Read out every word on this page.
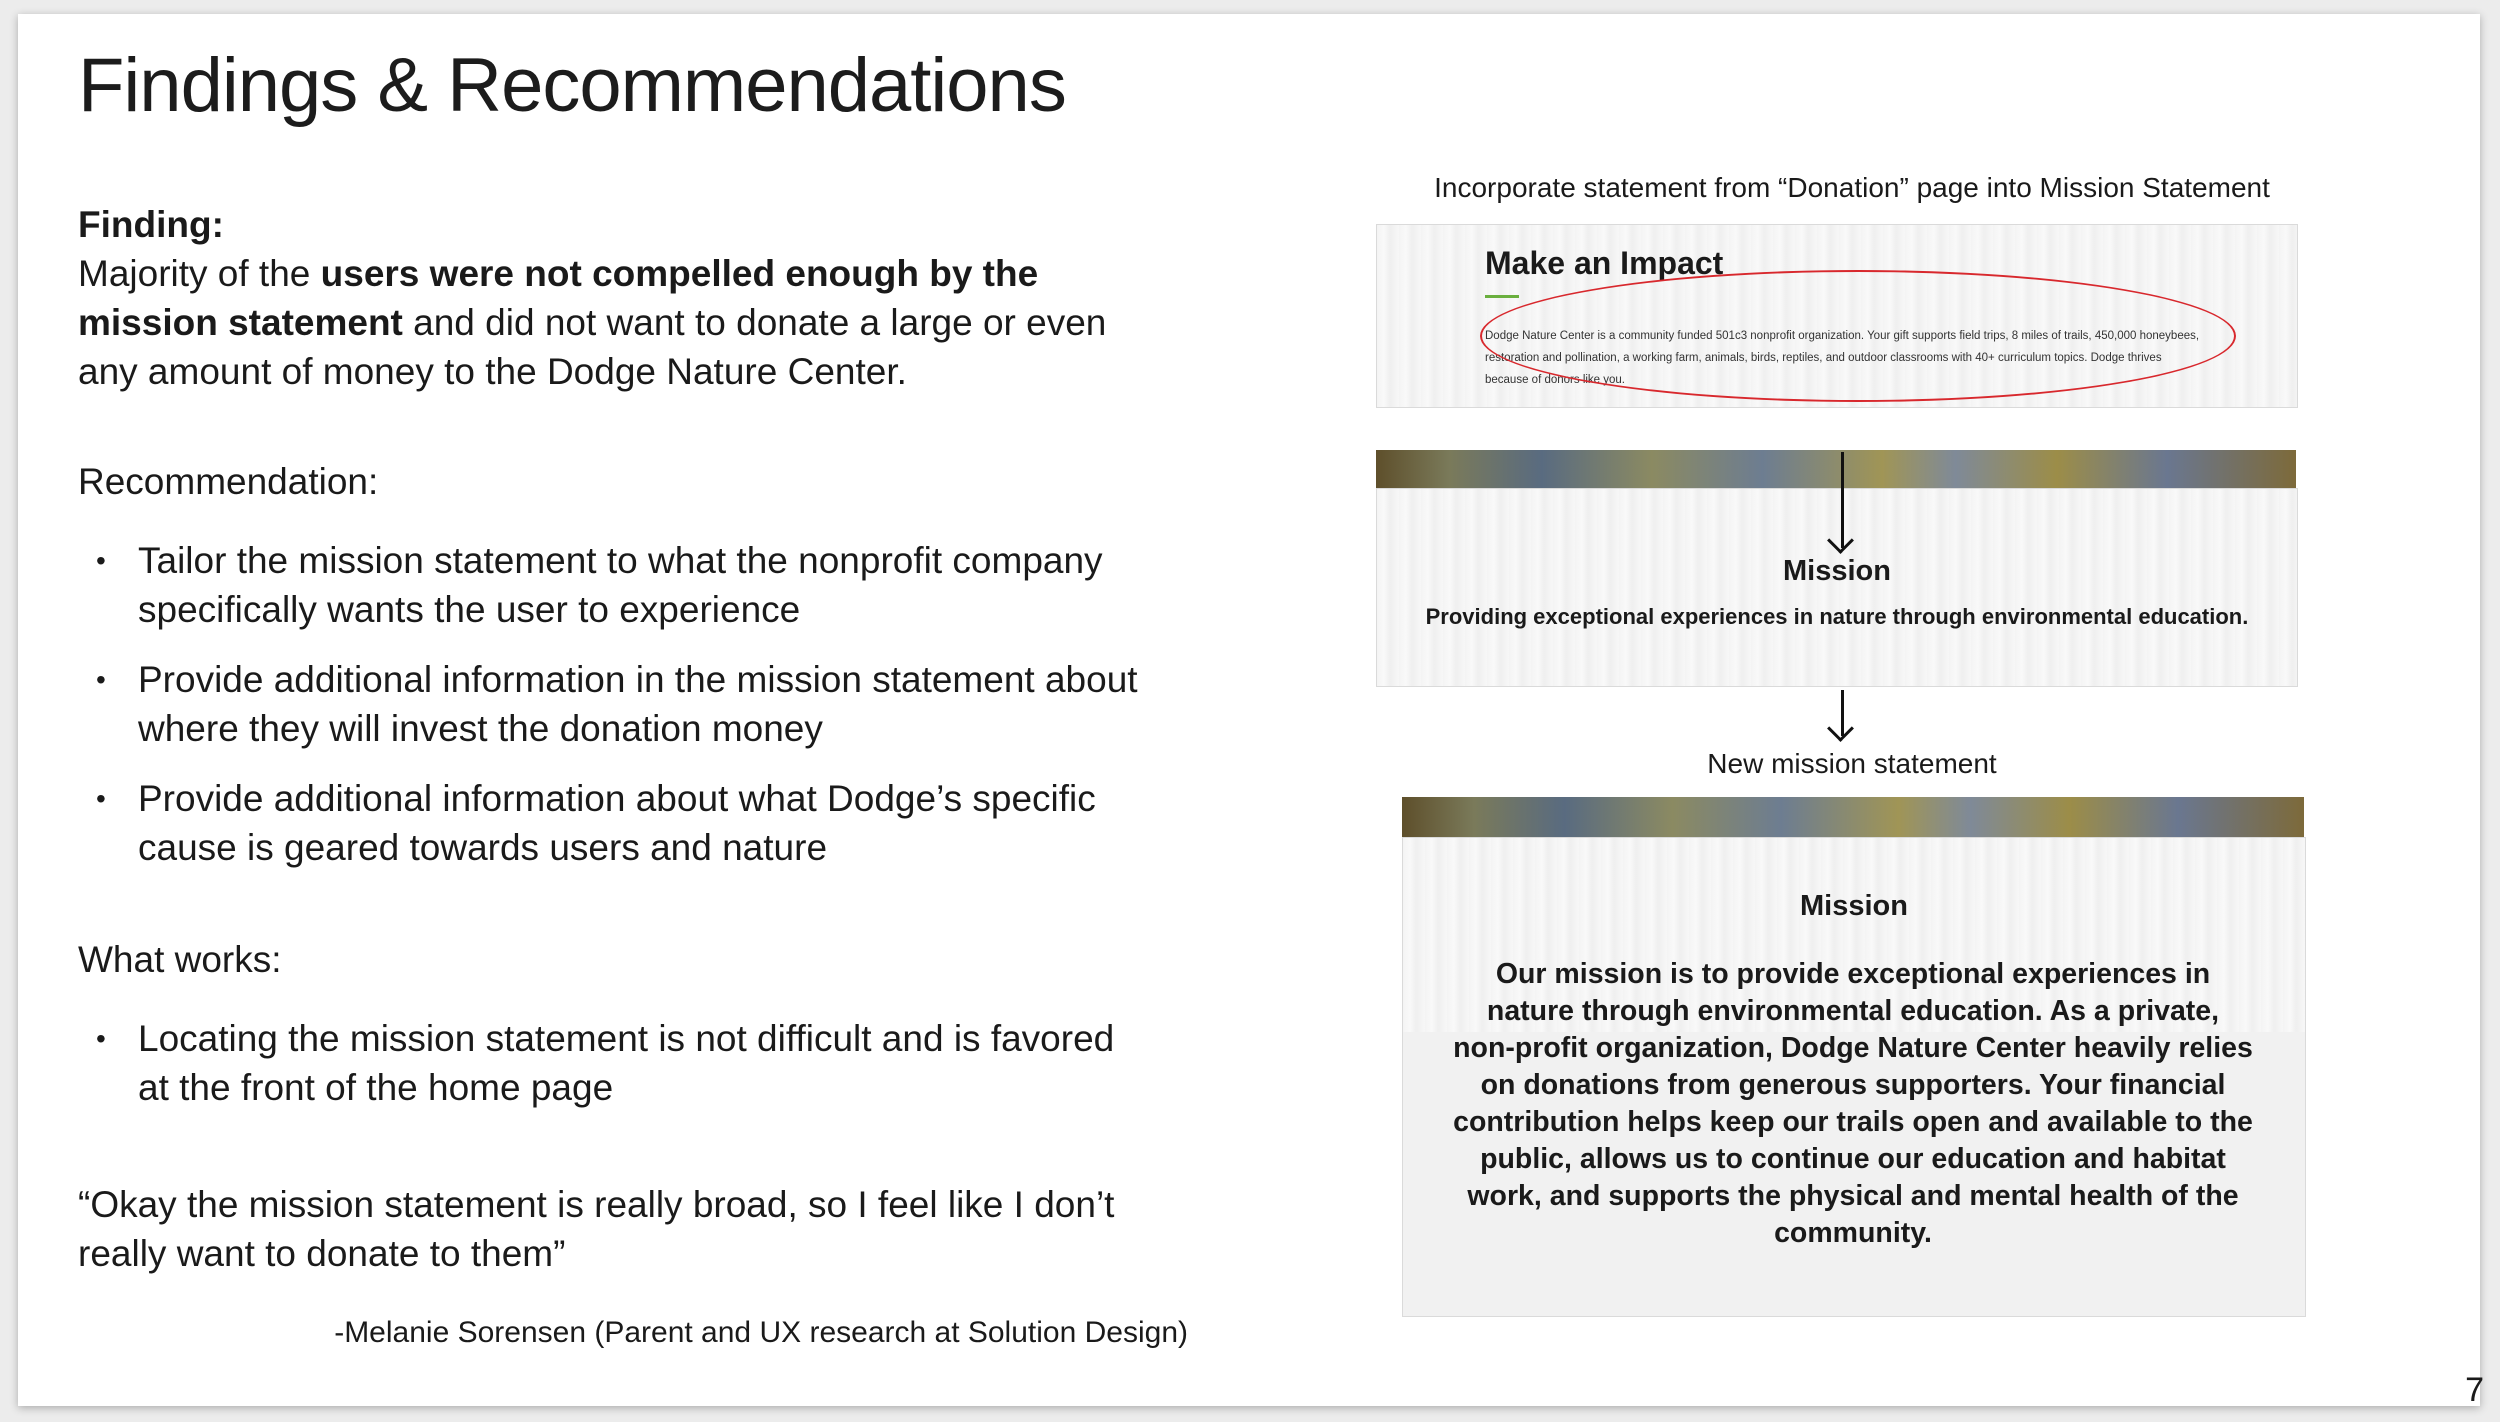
Findings & Recommendations

Finding:

Majority of the users were not compelled enough by the mission statement and did not want to donate a large or even any amount of money to the Dodge Nature Center.

Recommendation:
• Tailor the mission statement to what the nonprofit company specifically wants the user to experience
• Provide additional information in the mission statement about where they will invest the donation money
• Provide additional information about what Dodge’s specific cause is geared towards users and nature
What works:
• Locating the mission statement is not difficult and is favored at the front of the home page
“Okay the mission statement is really broad, so I feel like I don’t really want to donate to them”
-Melanie Sorensen (Parent and UX research at Solution Design)
Incorporate statement from “Donation” page into Mission Statement
Make an Impact
Dodge Nature Center is a community funded 501c3 nonprofit organization. Your gift supports field trips, 8 miles of trails, 450,000 honeybees, restoration and pollination, a working farm, animals, birds, reptiles, and outdoor classrooms with 40+ curriculum topics. Dodge thrives because of donors like you.
Mission
Providing exceptional experiences in nature through environmental education.
New mission statement
Mission
Our mission is to provide exceptional experiences in nature through environmental education. As a private, non-profit organization, Dodge Nature Center heavily relies on donations from generous supporters. Your financial contribution helps keep our trails open and available to the public, allows us to continue our education and habitat work, and supports the physical and mental health of the community.
7
